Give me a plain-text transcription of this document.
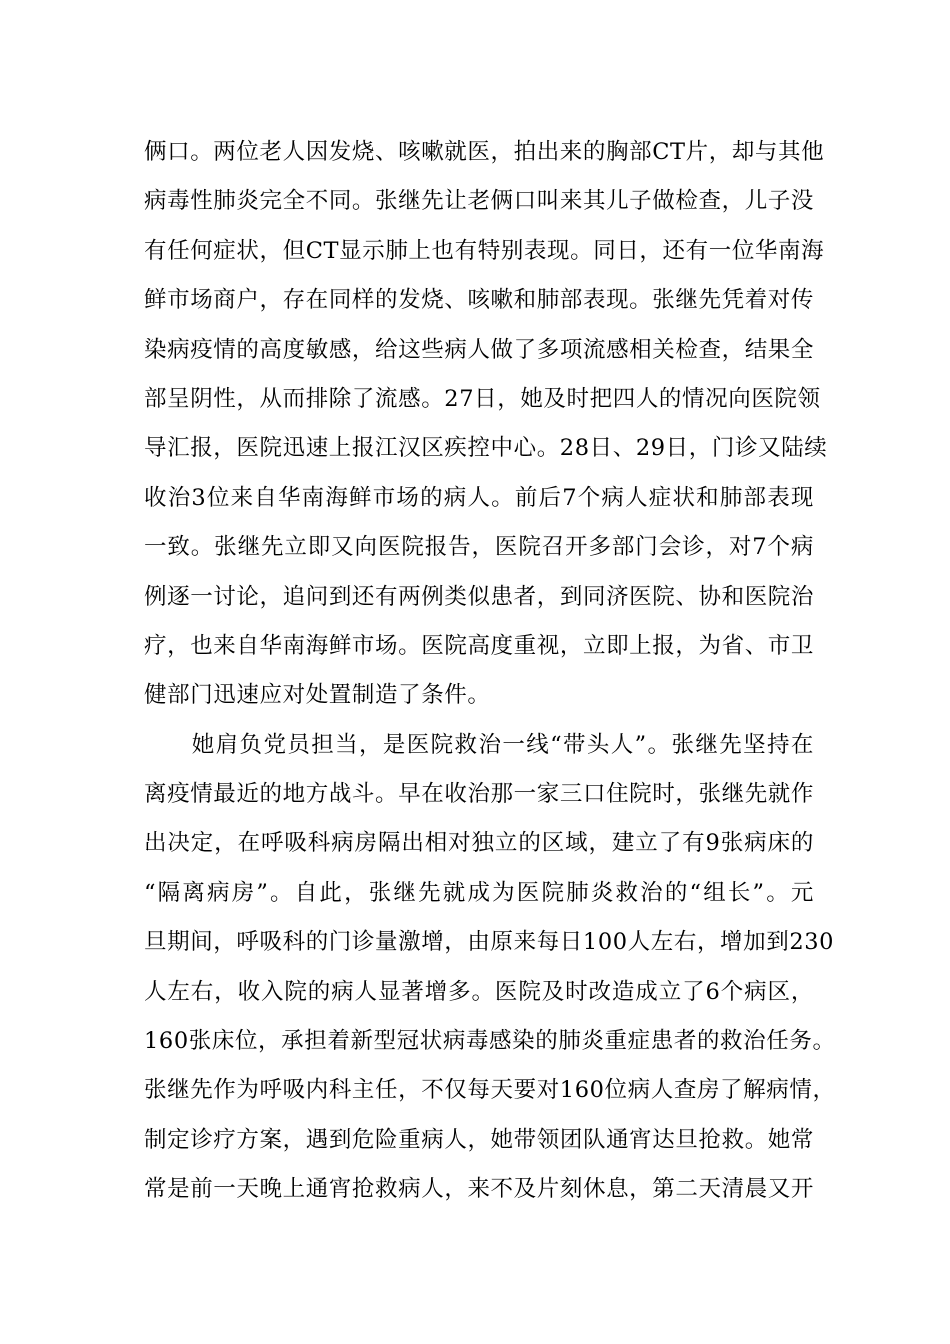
俩口。两位老人因发烧、咳嗽就医，拍出来的胸部CT片，却与其他
病毒性肺炎完全不同。张继先让老俩口叫来其儿子做检查，儿子没
有任何症状，但CT显示肺上也有特别表现。同日，还有一位华南海
鲜市场商户，存在同样的发烧、咳嗽和肺部表现。张继先凭着对传
染病疫情的高度敏感，给这些病人做了多项流感相关检查，结果全
部呈阴性，从而排除了流感。27日，她及时把四人的情况向医院领
导汇报，医院迅速上报江汉区疾控中心。28日、29日，门诊又陆续
收治3位来自华南海鲜市场的病人。前后7个病人症状和肺部表现
一致。张继先立即又向医院报告，医院召开多部门会诊，对7个病
例逐一讨论，追问到还有两例类似患者，到同济医院、协和医院治
疗，也来自华南海鲜市场。医院高度重视，立即上报，为省、市卫
健部门迅速应对处置制造了条件。
　　她肩负党员担当，是医院救治一线“带头人”。张继先坚持在
离疫情最近的地方战斗。早在收治那一家三口住院时，张继先就作
出决定，在呼吸科病房隔出相对独立的区域，建立了有9张病床的
“隔离病房”。自此，张继先就成为医院肺炎救治的“组长”。元
旦期间，呼吸科的门诊量激增，由原来每日100人左右，增加到230
人左右，收入院的病人显著增多。医院及时改造成立了6个病区，
160张床位，承担着新型冠状病毒感染的肺炎重症患者的救治任务。
张继先作为呼吸内科主任，不仅每天要对160位病人查房了解病情，
制定诊疗方案，遇到危险重病人，她带领团队通宵达旦抢救。她常
常是前一天晚上通宵抢救病人，来不及片刻休息，第二天清晨又开
